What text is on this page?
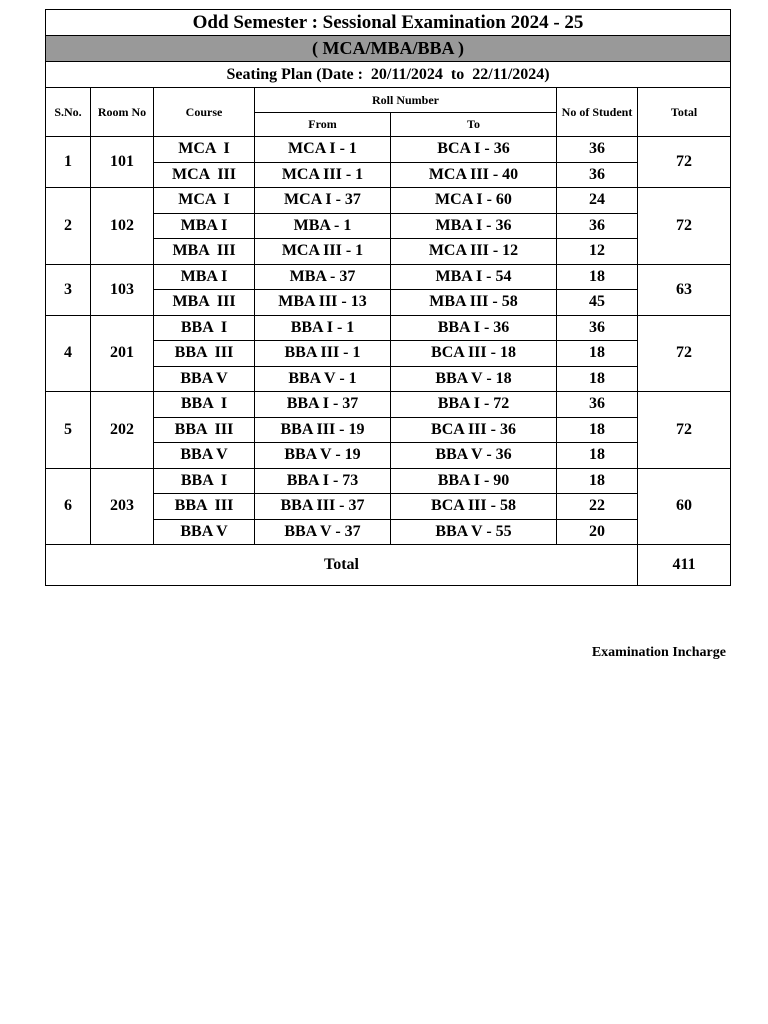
Odd Semester : Sessional Examination 2024 - 25						
( MCA/MBA/BBA )						
Seating Plan (Date :  20/11/2024  to  22/11/2024)						
S.No.	Room No	Course	Roll Number		No of Student	Total
			From	To		
1	101	MCA  I	MCA I - 1	BCA I - 36	36	72
		MCA  III	MCA III - 1	MCA III - 40	36	
2	102	MCA  I	MCA I - 37	MCA I - 60	24	72
		MBA I	MBA - 1	MBA I - 36	36	
		MBA  III	MCA III - 1	MCA III - 12	12	
3	103	MBA I	MBA - 37	MBA I - 54	18	63
		MBA  III	MBA III - 13	MBA III - 58	45	
4	201	BBA  I	BBA I - 1	BBA I - 36	36	72
		BBA  III	BBA III - 1	BCA III - 18	18	
		BBA V	BBA V - 1	BBA V - 18	18	
5	202	BBA  I	BBA I - 37	BBA I - 72	36	72
		BBA  III	BBA III - 19	BCA III - 36	18	
		BBA V	BBA V - 19	BBA V - 36	18	
6	203	BBA  I	BBA I - 73	BBA I - 90	18	60
		BBA  III	BBA III - 37	BCA III - 58	22	
		BBA V	BBA V - 37	BBA V - 55	20	
Total						411
Examination Incharge
